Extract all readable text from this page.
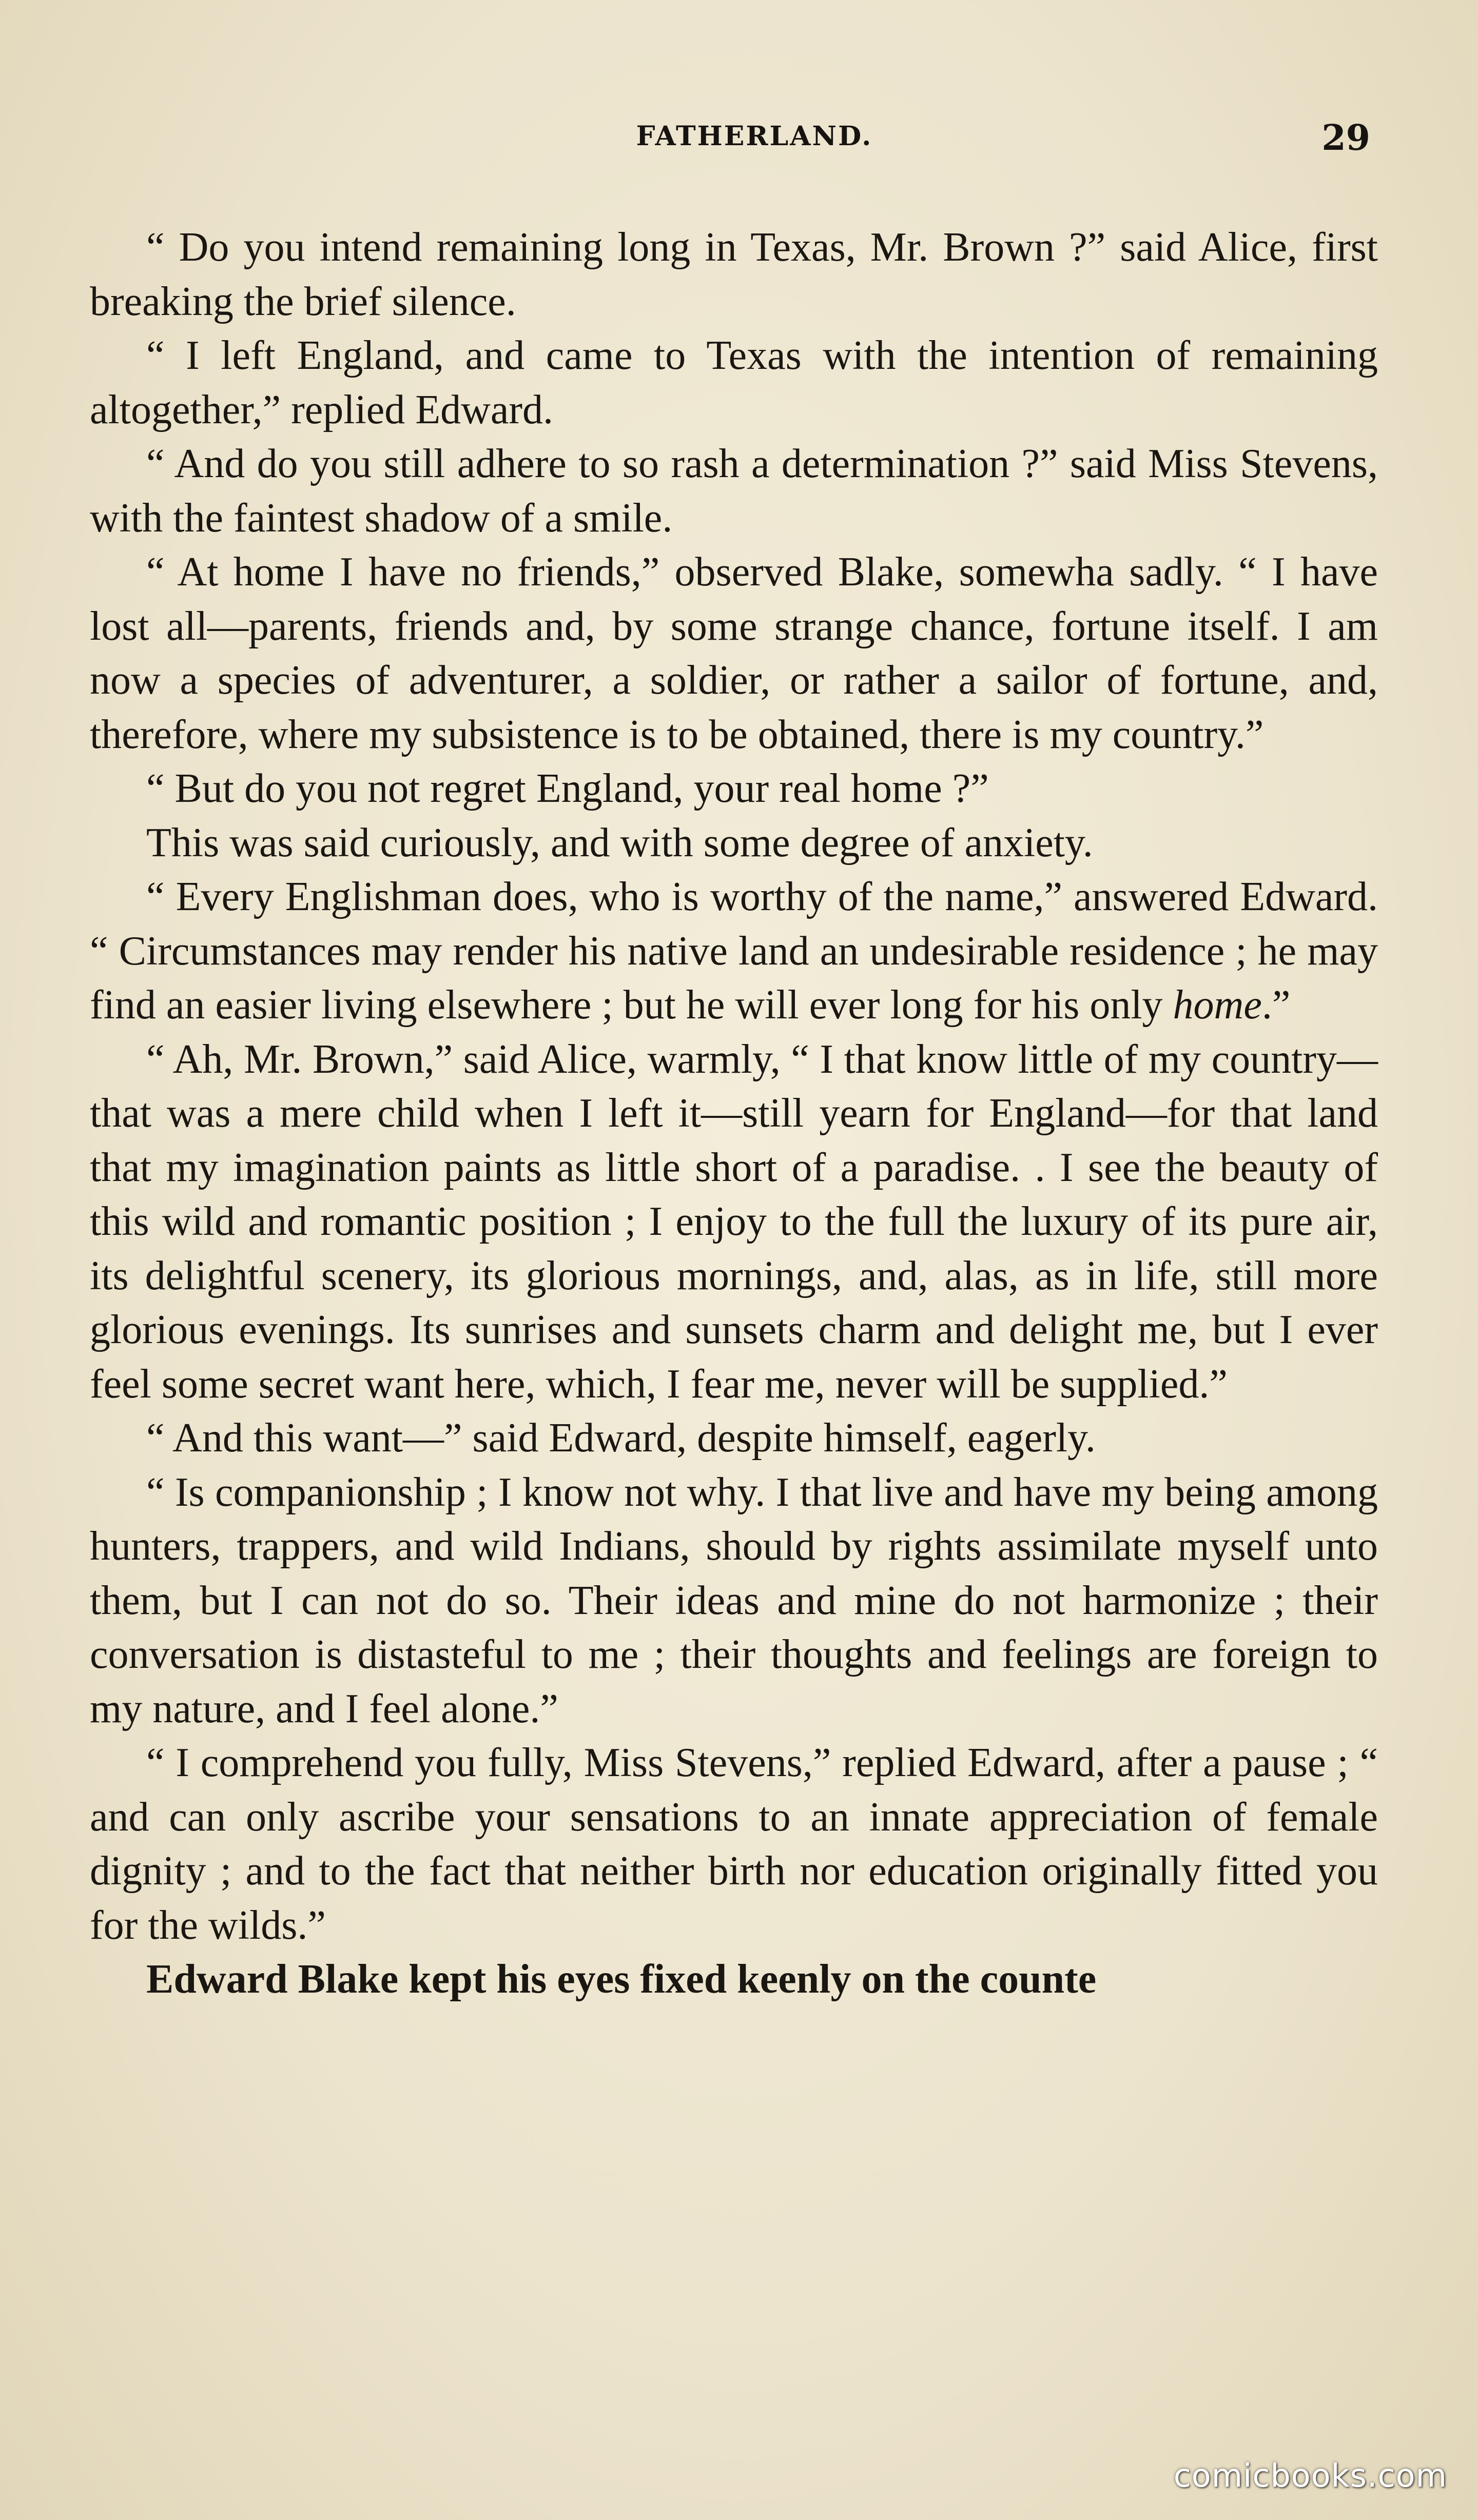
FATHERLAND.	29

“ Do you intend remaining long in Texas, Mr. Brown ?” said Alice, first breaking the brief silence.

“ I left England, and came to Texas with the intention of remaining altogether,” replied Edward.

“ And do you still adhere to so rash a determination ?” said Miss Stevens, with the faintest shadow of a smile.

“ At home I have no friends,” observed Blake, somewha sadly. “ I have lost all—parents, friends and, by some strange chance, fortune itself. I am now a species of adventurer, a soldier, or rather a sailor of fortune, and, therefore, where my subsistence is to be obtained, there is my country.”

“ But do you not regret England, your real home ?”

This was said curiously, and with some degree of anxiety.

“ Every Englishman does, who is worthy of the name,” answered Edward. “ Circumstances may render his native land an undesirable residence ; he may find an easier living elsewhere ; but he will ever long for his only home.”

“ Ah, Mr. Brown,” said Alice, warmly, “ I that know little of my country—that was a mere child when I left it—still yearn for England—for that land that my imagination paints as little short of a paradise. . I see the beauty of this wild and romantic position ; I enjoy to the full the luxury of its pure air, its delightful scenery, its glorious mornings, and, alas, as in life, still more glorious evenings. Its sunrises and sunsets charm and delight me, but I ever feel some secret want here, which, I fear me, never will be supplied.”

“ And this want—” said Edward, despite himself, eagerly.

“ Is companionship ; I know not why. I that live and have my being among hunters, trappers, and wild Indians, should by rights assimilate myself unto them, but I can not do so. Their ideas and mine do not harmonize ; their conversation is distasteful to me ; their thoughts and feelings are foreign to my nature, and I feel alone.”

“ I comprehend you fully, Miss Stevens,” replied Edward, after a pause ; “ and can only ascribe your sensations to an innate appreciation of female dignity ; and to the fact that neither birth nor education originally fitted you for the wilds.”

Edward Blake kept his eyes fixed keenly on the counte

comicbooks.com
